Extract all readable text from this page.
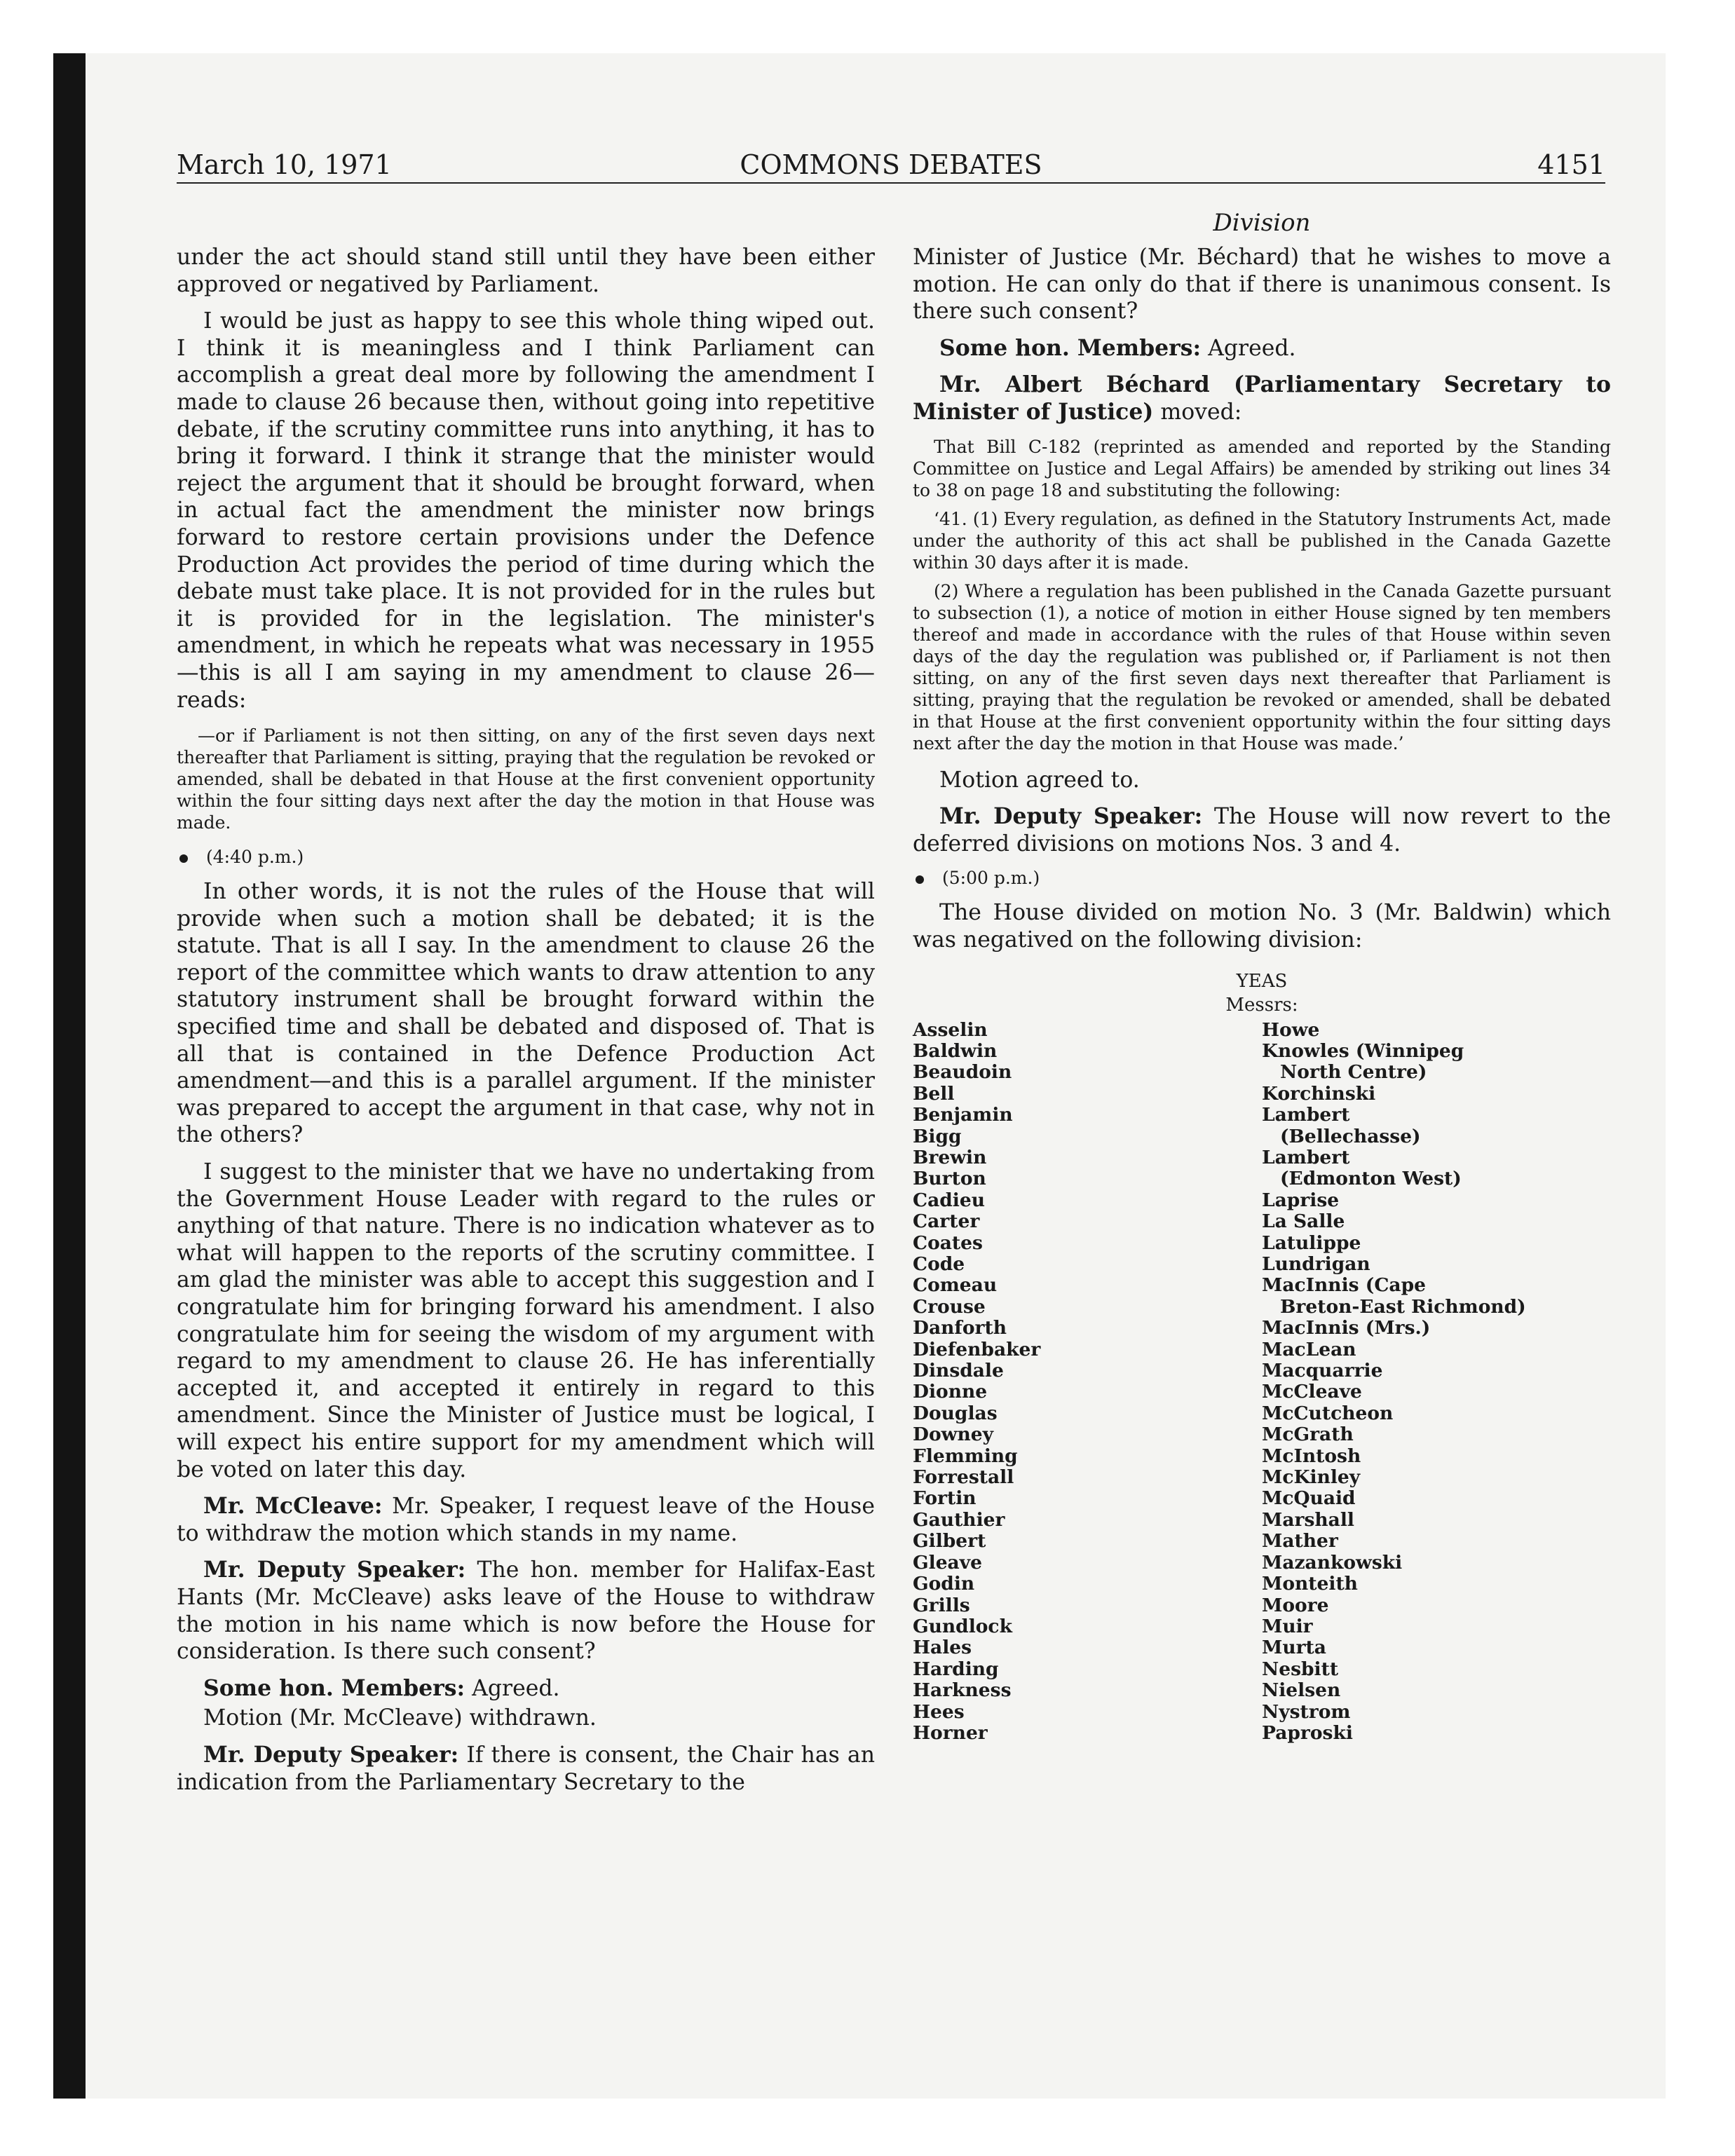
March 10, 1971	COMMONS DEBATES	4151
Division

under the act should stand still until they have been either approved or negatived by Parliament.

I would be just as happy to see this whole thing wiped out. I think it is meaningless and I think Parliament can accomplish a great deal more by following the amendment I made to clause 26 because then, without going into repetitive debate, if the scrutiny committee runs into anything, it has to bring it forward. I think it strange that the minister would reject the argument that it should be brought forward, when in actual fact the amendment the minister now brings forward to restore certain provisions under the Defence Production Act provides the period of time during which the debate must take place. It is not provided for in the rules but it is provided for in the legislation. The minister's amendment, in which he repeats what was necessary in 1955—this is all I am saying in my amendment to clause 26—reads:

—or if Parliament is not then sitting, on any of the first seven days next thereafter that Parliament is sitting, praying that the regulation be revoked or amended, shall be debated in that House at the first convenient opportunity within the four sitting days next after the day the motion in that House was made.
(4:40 p.m.)

In other words, it is not the rules of the House that will provide when such a motion shall be debated; it is the statute. That is all I say. In the amendment to clause 26 the report of the committee which wants to draw attention to any statutory instrument shall be brought forward within the specified time and shall be debated and disposed of. That is all that is contained in the Defence Production Act amendment—and this is a parallel argument. If the minister was prepared to accept the argument in that case, why not in the others?

I suggest to the minister that we have no undertaking from the Government House Leader with regard to the rules or anything of that nature. There is no indication whatever as to what will happen to the reports of the scrutiny committee. I am glad the minister was able to accept this suggestion and I congratulate him for bringing forward his amendment. I also congratulate him for seeing the wisdom of my argument with regard to my amendment to clause 26. He has inferentially accepted it, and accepted it entirely in regard to this amendment. Since the Minister of Justice must be logical, I will expect his entire support for my amendment which will be voted on later this day.

Mr. McCleave: Mr. Speaker, I request leave of the House to withdraw the motion which stands in my name.

Mr. Deputy Speaker: The hon. member for Halifax-East Hants (Mr. McCleave) asks leave of the House to withdraw the motion in his name which is now before the House for consideration. Is there such consent?

Some hon. Members: Agreed.

Motion (Mr. McCleave) withdrawn.

Mr. Deputy Speaker: If there is consent, the Chair has an indication from the Parliamentary Secretary to the

Minister of Justice (Mr. Béchard) that he wishes to move a motion. He can only do that if there is unanimous consent. Is there such consent?

Some hon. Members: Agreed.

Mr. Albert Béchard (Parliamentary Secretary to Minister of Justice) moved:

That Bill C-182 (reprinted as amended and reported by the Standing Committee on Justice and Legal Affairs) be amended by striking out lines 34 to 38 on page 18 and substituting the following:
‘41. (1) Every regulation, as defined in the Statutory Instruments Act, made under the authority of this act shall be published in the Canada Gazette within 30 days after it is made.
(2) Where a regulation has been published in the Canada Gazette pursuant to subsection (1), a notice of motion in either House signed by ten members thereof and made in accordance with the rules of that House within seven days of the day the regulation was published or, if Parliament is not then sitting, on any of the first seven days next thereafter that Parliament is sitting, praying that the regulation be revoked or amended, shall be debated in that House at the first convenient opportunity within the four sitting days next after the day the motion in that House was made.’

Motion agreed to.

Mr. Deputy Speaker: The House will now revert to the deferred divisions on motions Nos. 3 and 4.

(5:00 p.m.)

The House divided on motion No. 3 (Mr. Baldwin) which was negatived on the following division:

YEAS
Messrs:
Asselin
Baldwin
Beaudoin
Bell
Benjamin
Bigg
Brewin
Burton
Cadieu
Carter
Coates
Code
Comeau
Crouse
Danforth
Diefenbaker
Dinsdale
Dionne
Douglas
Downey
Flemming
Forrestall
Fortin
Gauthier
Gilbert
Gleave
Godin
Grills
Gundlock
Hales
Harding
Harkness
Hees
Horner
Howe
Knowles (Winnipeg
North Centre)
Korchinski
Lambert
(Bellechasse)
Lambert
(Edmonton West)
Laprise
La Salle
Latulippe
Lundrigan
MacInnis (Cape
Breton-East Richmond)
MacInnis (Mrs.)
MacLean
Macquarrie
McCleave
McCutcheon
McGrath
McIntosh
McKinley
McQuaid
Marshall
Mather
Mazankowski
Monteith
Moore
Muir
Murta
Nesbitt
Nielsen
Nystrom
Paproski
